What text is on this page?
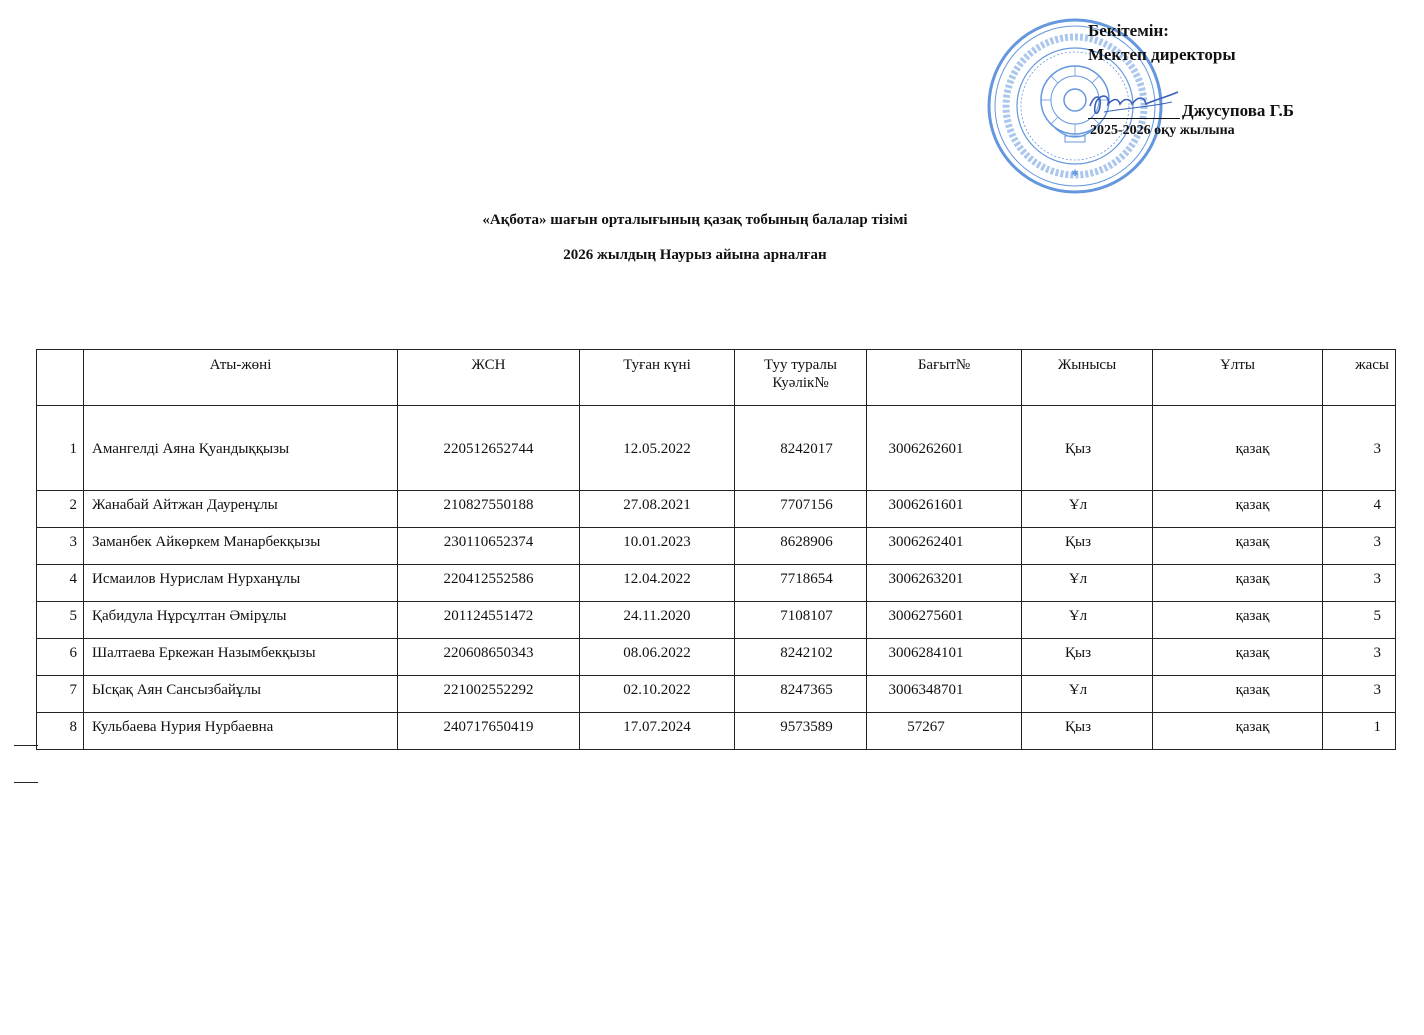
✱
Бекітемін:
Мектеп директоры
Джусупова Г.Б
2025-2026 оқу жылына
«Ақбота» шағын орталығының қазақ тобының балалар тізімі
2026 жылдың Наурыз айына арналған
	Аты-жөні	ЖСН	Туған күні	Туу туралы Куәлік№	Бағыт№	Жынысы	Ұлты	жасы
1	Амангелді Аяна Қуандыққызы	220512652744	12.05.2022	8242017	3006262601	Қыз	қазақ	3
2	Жанабай Айтжан Дауренұлы	210827550188	27.08.2021	7707156	3006261601	Ұл	қазақ	4
3	Заманбек Айкөркем Манарбекқызы	230110652374	10.01.2023	8628906	3006262401	Қыз	қазақ	3
4	Исмаилов Нурислам Нурханұлы	220412552586	12.04.2022	7718654	3006263201	Ұл	қазақ	3
5	Қабидула Нұрсұлтан Әмірұлы	201124551472	24.11.2020	7108107	3006275601	Ұл	қазақ	5
6	Шалтаева Еркежан Назымбекқызы	220608650343	08.06.2022	8242102	3006284101	Қыз	қазақ	3
7	Ысқақ Аян Сансызбайұлы	221002552292	02.10.2022	8247365	3006348701	Ұл	қазақ	3
8	Кульбаева Нурия Нурбаевна	240717650419	17.07.2024	9573589	57267	Қыз	қазақ	1
